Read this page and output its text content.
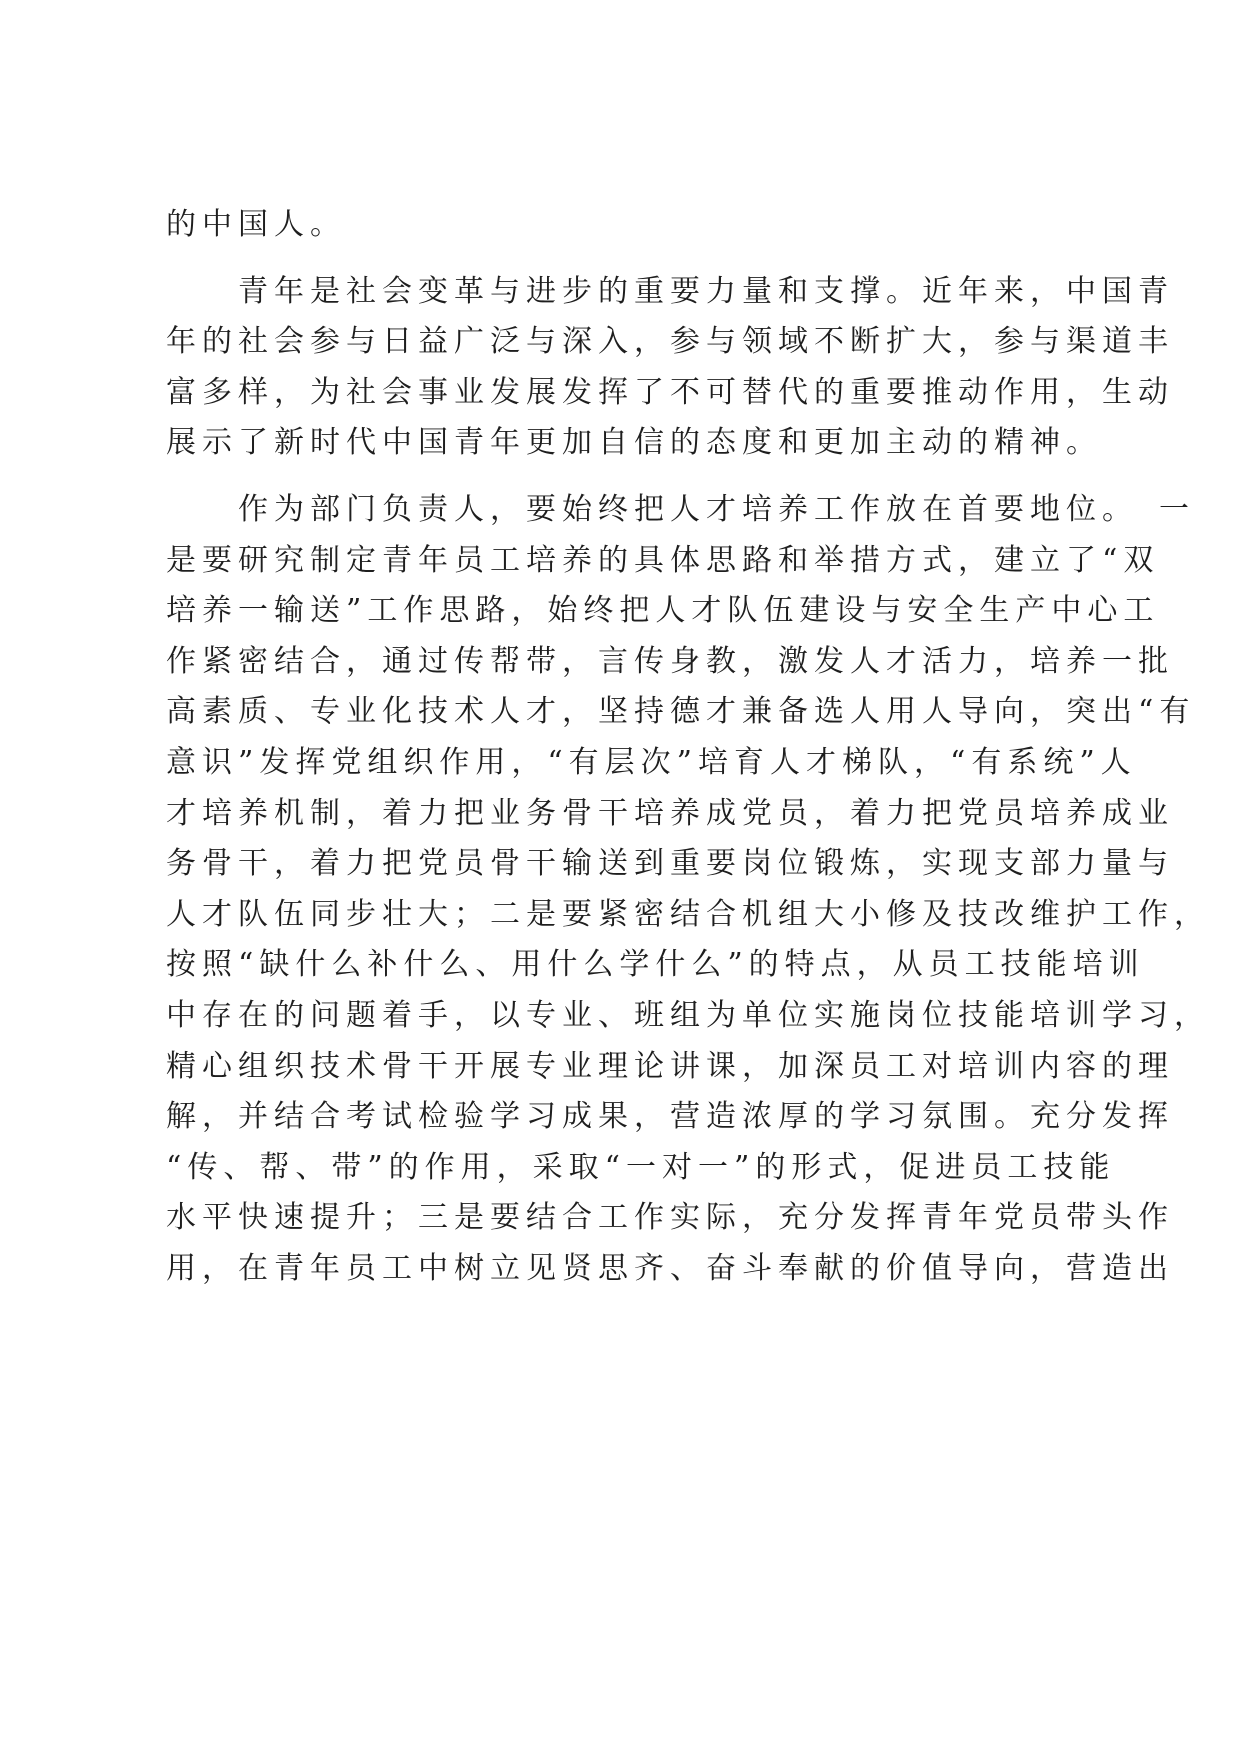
的中国人。
　　青年是社会变革与进步的重要力量和支撑。近年来，中国青
年的社会参与日益广泛与深入，参与领域不断扩大，参与渠道丰
富多样，为社会事业发展发挥了不可替代的重要推动作用，生动
展示了新时代中国青年更加自信的态度和更加主动的精神。
　　作为部门负责人，要始终把人才培养工作放在首要地位。　一
是要研究制定青年员工培养的具体思路和举措方式，建立了“双
培养一输送”工作思路，始终把人才队伍建设与安全生产中心工
作紧密结合，通过传帮带，言传身教，激发人才活力，培养一批
高素质、专业化技术人才，坚持德才兼备选人用人导向，突出“有
意识”发挥党组织作用，“有层次”培育人才梯队，“有系统”人
才培养机制，着力把业务骨干培养成党员，着力把党员培养成业
务骨干，着力把党员骨干输送到重要岗位锻炼，实现支部力量与
人才队伍同步壮大；二是要紧密结合机组大小修及技改维护工作，
按照“缺什么补什么、用什么学什么”的特点，从员工技能培训
中存在的问题着手，以专业、班组为单位实施岗位技能培训学习，
精心组织技术骨干开展专业理论讲课，加深员工对培训内容的理
解，并结合考试检验学习成果，营造浓厚的学习氛围。充分发挥
“传、帮、带”的作用，采取“一对一”的形式，促进员工技能
水平快速提升；三是要结合工作实际，充分发挥青年党员带头作
用，在青年员工中树立见贤思齐、奋斗奉献的价值导向，营造出
